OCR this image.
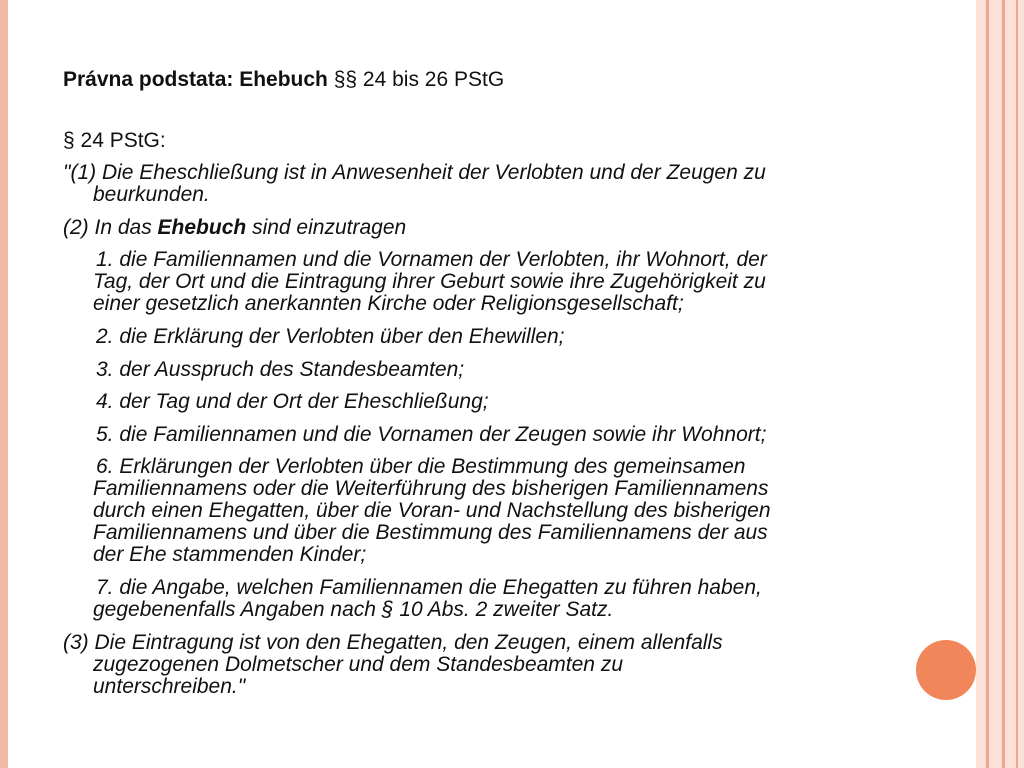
Právna podstata: Ehebuch §§ 24 bis 26 PStG
§ 24 PStG:
"(1) Die Eheschließung ist in Anwesenheit der Verlobten und der Zeugen zu
beurkunden.
(2) In das Ehebuch sind einzutragen
1. die Familiennamen und die Vornamen der Verlobten, ihr Wohnort, der
Tag, der Ort und die Eintragung ihrer Geburt sowie ihre Zugehörigkeit zu
einer gesetzlich anerkannten Kirche oder Religionsgesellschaft;
2. die Erklärung der Verlobten über den Ehewillen;
3. der Ausspruch des Standesbeamten;
4. der Tag und der Ort der Eheschließung;
5. die Familiennamen und die Vornamen der Zeugen sowie ihr Wohnort;
6. Erklärungen der Verlobten über die Bestimmung des gemeinsamen
Familiennamens oder die Weiterführung des bisherigen Familiennamens
durch einen Ehegatten, über die Voran- und Nachstellung des bisherigen
Familiennamens und über die Bestimmung des Familiennamens der aus
der Ehe stammenden Kinder;
7. die Angabe, welchen Familiennamen die Ehegatten zu führen haben,
gegebenenfalls Angaben nach § 10 Abs. 2 zweiter Satz.
(3) Die Eintragung ist von den Ehegatten, den Zeugen, einem allenfalls
zugezogenen Dolmetscher und dem Standesbeamten zu
unterschreiben."
